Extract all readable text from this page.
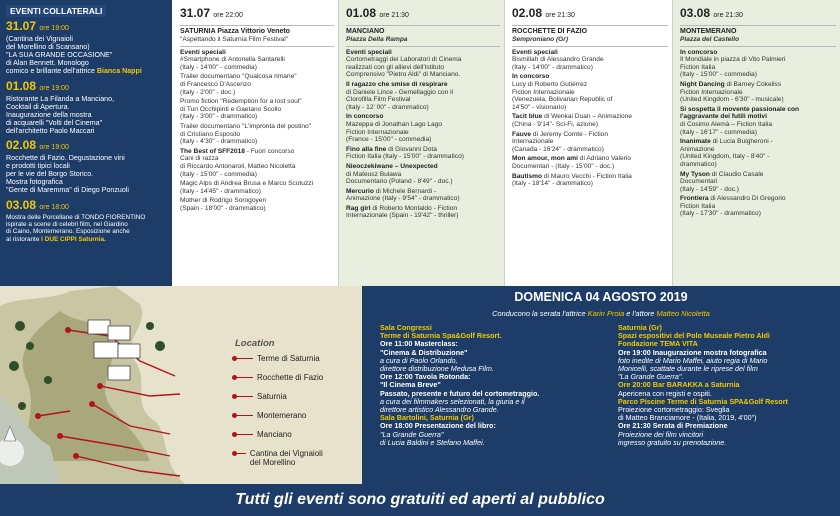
EVENTI COLLATERALI
31.07 ore 19:00
(Cantina dei Vignaioli
del Morellino di Scansano)
"LA SUA GRANDE OCCASIONE"
di Alan Bennett. Monologo
comico e brillante dell'attrice Bianca Nappi
01.08 ore 19:00
Ristorante La Filanda a Manciano,
Cocktail di Apertura.
Inaugurazione della mostra
di acquarelli "Volti del Cinema"
dell'architetto Paolo Maccari
02.08 ore 19:00
Rocchette di Fazio. Degustazione vini
e prodotti tipici locali
per le vie del Borgo Storico.
Mostra fotografica
"Gente di Maremma" di Diego Ponzuoli
03.08 ore 18:00
Mostra delle Porcellane di TONDO FIORENTINO
ispirate a scene di celebri film, nel Giardino
di Caino, Montemerano. Esposizione anche
al ristorante I DUE CIPPI Saturnia.
31.07 ore 22:00
SATURNIA Piazza Vittorio Veneto
"Aspettando il Saturnia Film Festival"
Eventi speciali
#Smartphone di Antonella Santarelli
(Italy - 14'00" - commedia)
Trailer documentario "Qualcosa rimane"
di Francesco D'Ascenzo
(Italy - 2'00" - doc.)
Promo fiction "Redemption for a lost soul"
di Turi Occhipinti e Gaetano Scollo
(Italy - 3'00" - drammatico)
Trailer documentario "L'impronta del postino"
di Cristiano Esposito
(Italy - 4'30" - drammatico)
The Best of SFF2018 - Fuori concorso
Cani di razza
di Riccardo Antonaroli, Matteo Nicoletta
(Italy - 15'00" - commedia)
Magic Alps di Andrea Brusa e Marco Scotuzzi
(Italy - 14'45" - drammatico)
Mother di Rodrigo Sorogoyen
(Spain - 18'00" - drammatico)
01.08 ore 21:30
MANCIANO
Piazza Della Rampa
Eventi speciali
Cortometraggi dei Laboratori di Cinema
realizzati con gli allievi dell'Istituto
Comprensivo "Pietro Aldi" di Manciano.
Il ragazzo che smise di respirare
di Daniele Lince - Gemellaggio con il
Clorofilla Film Festival
(Italy - 12' 00" - drammatico)
In concorso
Mazeppa di Jonathan Lago Lago
Fiction Internazionale
(France - 15'00" - commedia)
Fino alla fine di Giovanni Dota
Fiction Italia (Italy - 15'00" - drammatico)
Nieoczekiwane – Unexpected
di Mateusz Bulawa
Documentario (Poland - 8'49" - doc.)
Mercurio di Michele Bernardi -
Animazione (Italy - 9'54" - drammatico)
Rag girl di Roberto Montaldo - Fiction
Internazionale (Spain - 19'42" - thriller)
02.08 ore 21:30
ROCCHETTE DI FAZIO
Semproniano (Gr)
Eventi speciali
Bismillah di Alessandro Grande
(Italy - 14'00" - drammatico)
In concorso
Lucy di Roberto Gutiérrez
Fiction Internazionale
(Venezuela, Bolivarian Republic of
14'50" - visionario)
Tacit blue di Wenkai Duan – Animazione
(China - 9'14"- Sci-Fi, azione)
Fauve di Jeremy Comte - Fiction
Internazionale
(Canada - 16'24" - drammatico)
Mon amour, mon ami di Adriano Valerio
Documentari - (Italy - 15'00" - doc.)
Bautismo di Mauro Vecchi - Fiction Italia
(Italy - 18'14" - drammatico)
03.08 ore 21:30
MONTEMERANO
Piazza del Castello
In concorso
Il Mondiale in piazza di Vito Palmieri
Fiction Italia
(Italy - 15'00" - commedia)
Night Dancing di Barney Cokeliss
Fiction Internazionale
(United Kingdom - 6'30" - musicale)
Si sospetta il movente passionale con l'aggravante dei futili motivi
di Cosimo Alemà – Fiction Italia
(Italy - 16'17" - commedia)
Inanimate di Lucia Bulgheroni -
Animazione
(United Kingdom, Italy - 8'40" -
drammatico)
My Tyson di Claudio Casale
Documentari
(Italy - 14'59" - doc.)
Frontiera di Alessandro Di Gregorio
Fiction Italia
(Italy - 17'30" - drammatico)
Location
Terme di Saturnia
Rocchette di Fazio
Saturnia
Montemerano
Manciano
Cantina dei Vignaioli del Morellino
DOMENICA 04 AGOSTO 2019
Conducono la serata l'attrice Karin Proia e l'attore Matteo Nicoletta
Sala Congressi
Terme di Saturnia Spa&Golf Resort.
Ore 11:00 Masterclass:
"Cinema & Distribuzione"
a cura di Paolo Orlando,
direttore distribuzione Medusa Film.
Ore 12:00 Tavola Rotonda:
"Il Cinema Breve"
Passato, presente e futuro del cortometraggio.
a cura dei filmmakers selezionati, la giuria e il
direttore artistico Alessandro Grande.
Sala Bartolini, Saturnia (Gr)
Ore 18:00 Presentazione del libro:
"La Grande Guerra"
di Lucia Baldini e Stefano Maffei.
Saturnia (Gr)
Spazi espositivi del Polo Museale Pietro Aldi
Fondazione TEMA VITA
Ore 19:00 Inaugurazione mostra fotografica
foto inedite di Mario Maffei, aiuto regia di Mario
Monicelli, scattate durante le riprese del film
"La Grande Guerra".
Ore 20:00 Bar BARAKKA a Saturnia
Apericena con registi e ospiti.
Parco Piscine Terme di Saturnia SPA&Golf Resort
Proiezione cortometraggio: Sveglia
di Matteo Branciamore - (Italia, 2019, 4'00")
Ore 21:30 Serata di Premiazione
Proiezione dei film vincitori
ingresso gratuito su prenotazione.
Tutti gli eventi sono gratuiti ed aperti al pubblico
